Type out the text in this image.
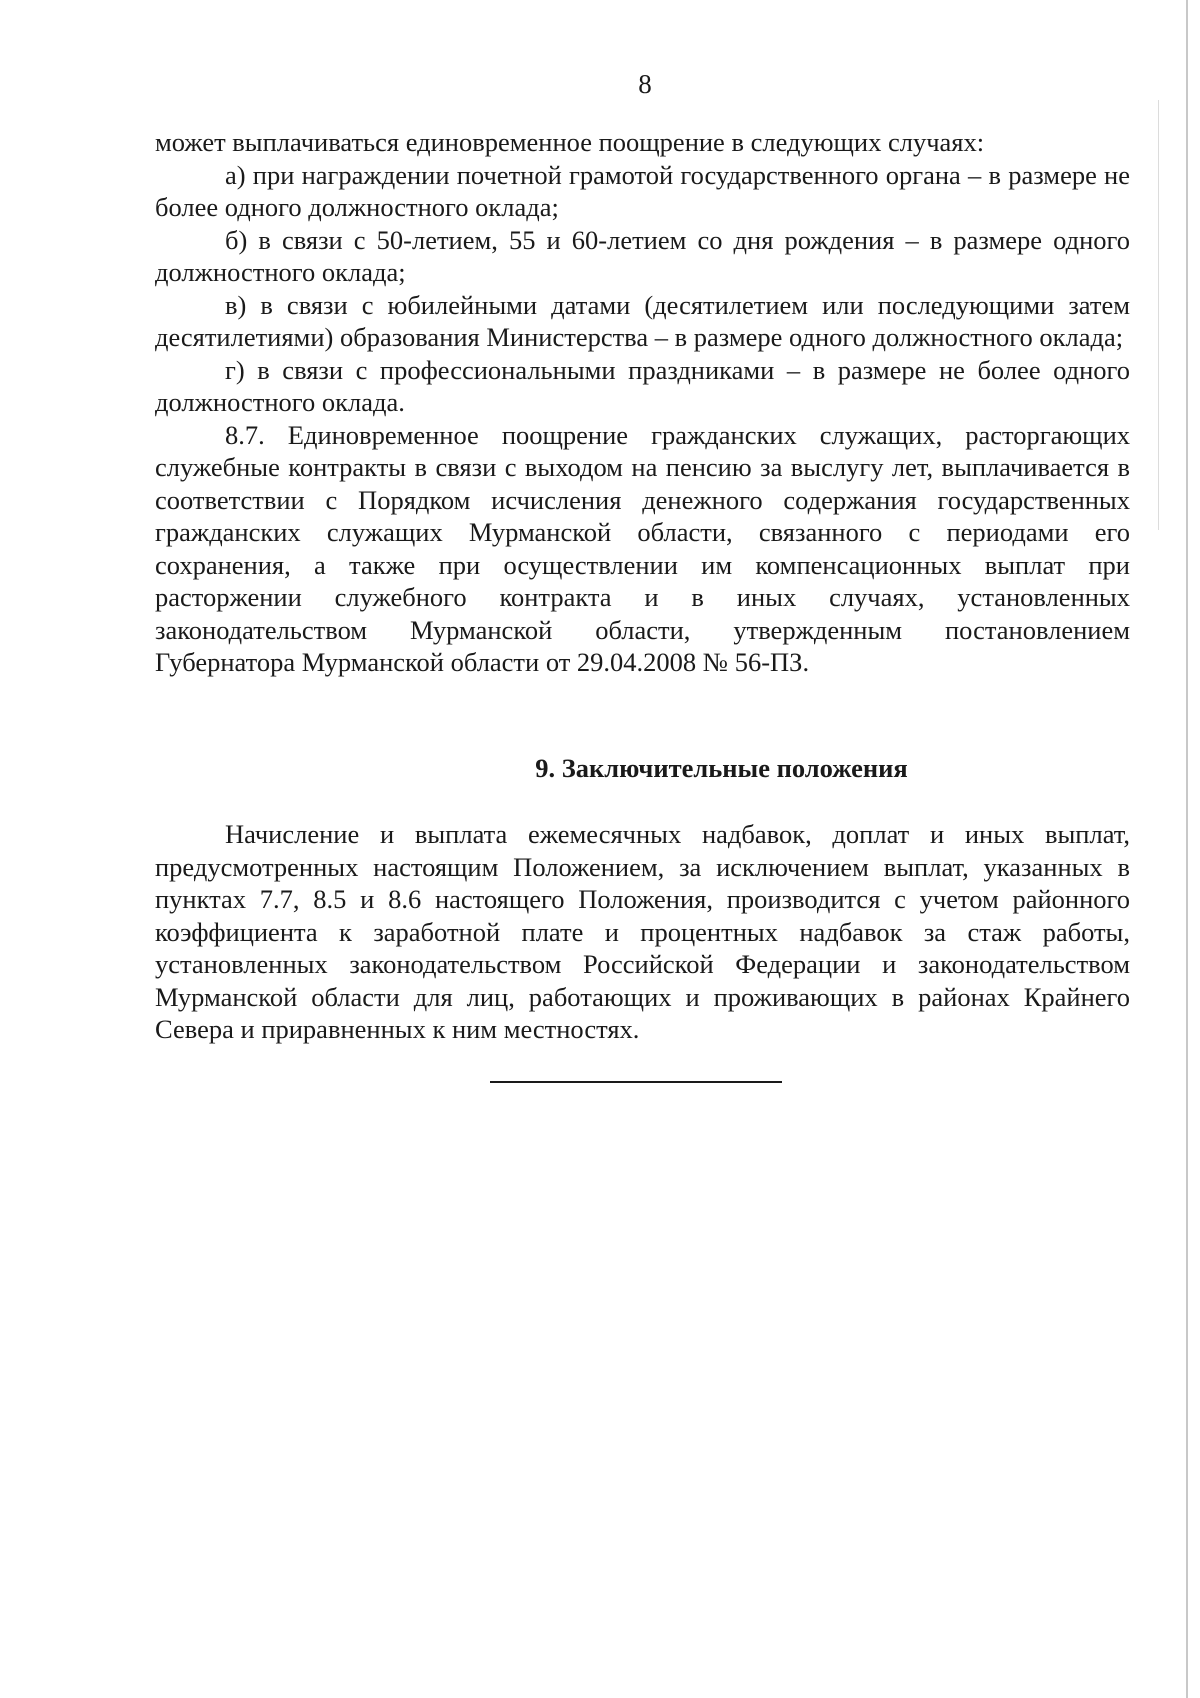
8

может выплачиваться единовременное поощрение в следующих случаях:

а) при награждении почетной грамотой государственного органа – в размере не более одного должностного оклада;

б) в связи с 50-летием, 55 и 60-летием со дня рождения – в размере одного должностного оклада;

в) в связи с юбилейными датами (десятилетием или последующими затем десятилетиями) образования Министерства – в размере одного должностного оклада;

г) в связи с профессиональными праздниками – в размере не более одного должностного оклада.

8.7. Единовременное поощрение гражданских служащих, расторгающих служебные контракты в связи с выходом на пенсию за выслугу лет, выплачивается в соответствии с Порядком исчисления денежного содержания государственных гражданских служащих Мурманской области, связанного с периодами его сохранения, а также при осуществлении им компенсационных выплат при расторжении служебного контракта и в иных случаях, установленных законодательством Мурманской области, утвержденным постановлением Губернатора Мурманской области от 29.04.2008 № 56-ПЗ.

9. Заключительные положения

Начисление и выплата ежемесячных надбавок, доплат и иных выплат, предусмотренных настоящим Положением, за исключением выплат, указанных в пунктах 7.7, 8.5 и 8.6 настоящего Положения, производится с учетом районного коэффициента к заработной плате и процентных надбавок за стаж работы, установленных законодательством Российской Федерации и законодательством Мурманской области для лиц, работающих и проживающих в районах Крайнего Севера и приравненных к ним местностях.
